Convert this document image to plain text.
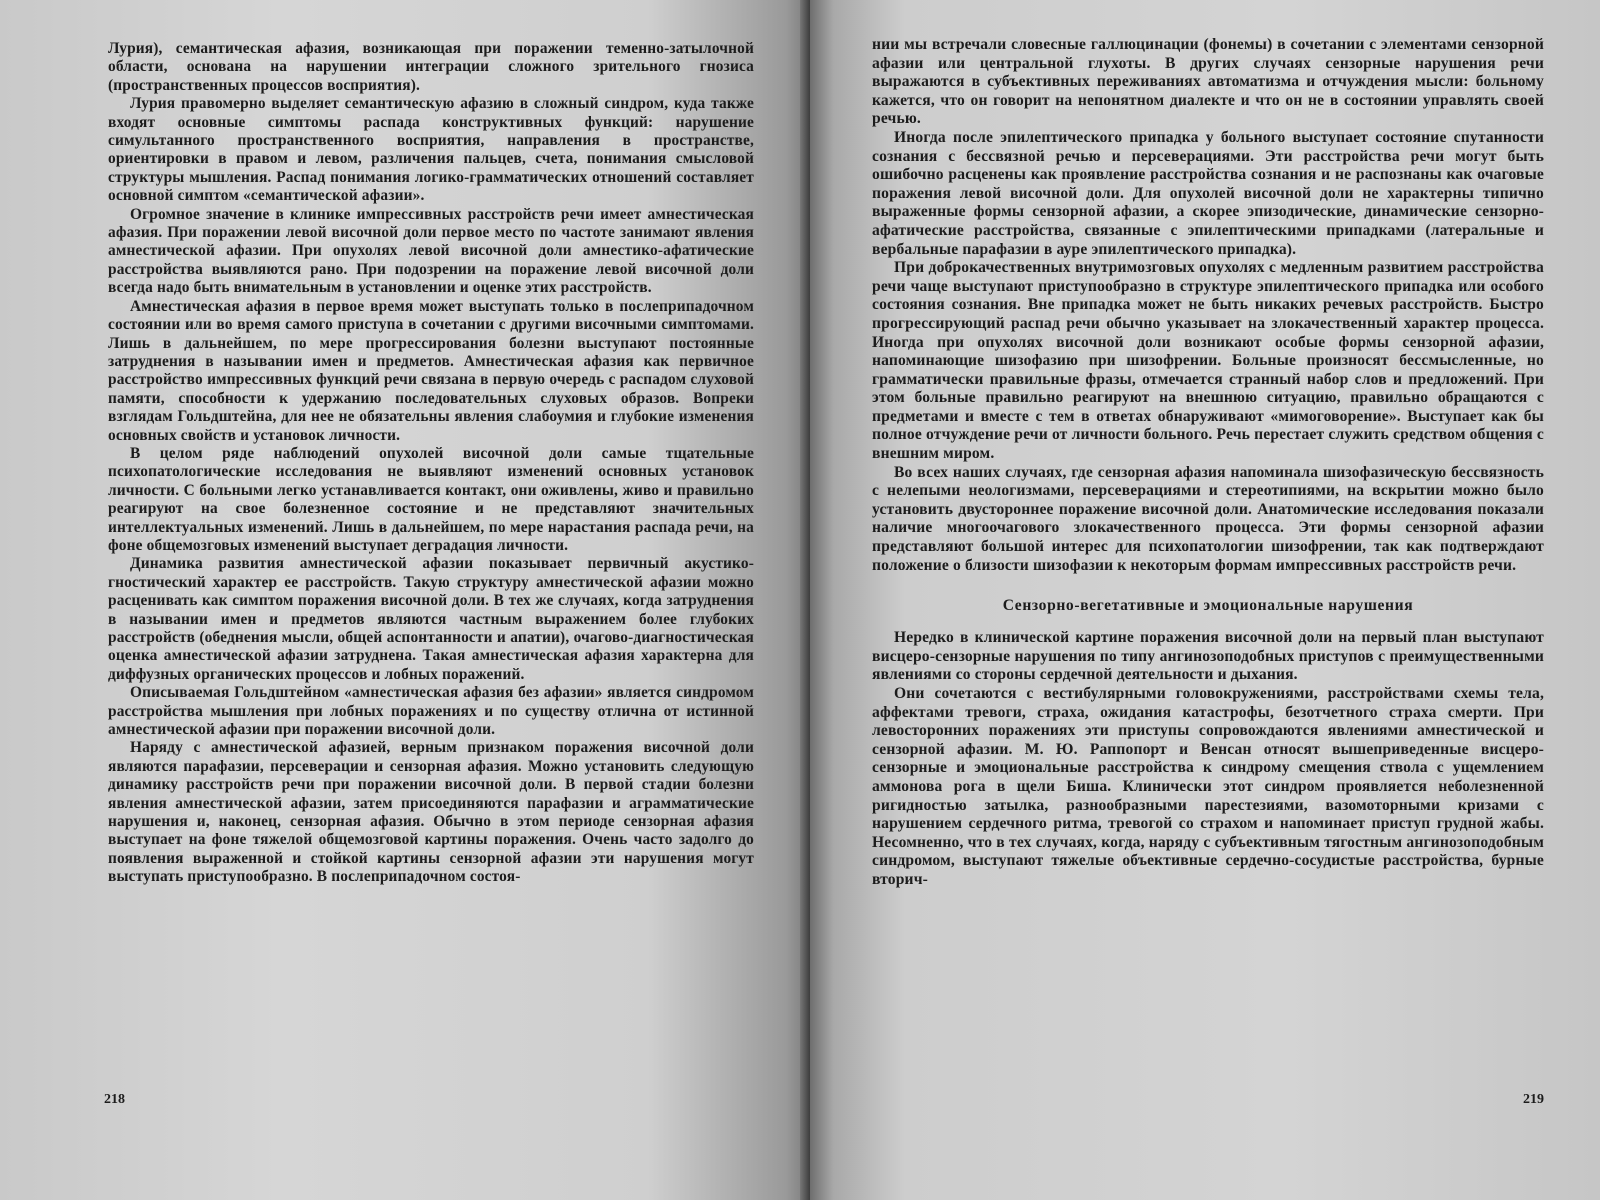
Лурия), семантическая афазия, возникающая при поражении теменно-затылочной области, основана на нарушении интеграции сложного зрительного гнозиса (пространственных процессов восприятия).

Лурия правомерно выделяет семантическую афазию в сложный синдром, куда также входят основные симптомы распада конструктивных функций: нарушение симультанного пространственного восприятия, направления в пространстве, ориентировки в правом и левом, различения пальцев, счета, понимания смысловой структуры мышления. Распад понимания логико-грамматических отношений составляет основной симптом «семантической афазии».

Огромное значение в клинике импрессивных расстройств речи имеет амнестическая афазия. При поражении левой височной доли первое место по частоте занимают явления амнестической афазии. При опухолях левой височной доли амнестико-афатические расстройства выявляются рано. При подозрении на поражение левой височной доли всегда надо быть внимательным в установлении и оценке этих расстройств.

Амнестическая афазия в первое время может выступать только в послеприпадочном состоянии или во время самого приступа в сочетании с другими височными симптомами. Лишь в дальнейшем, по мере прогрессирования болезни выступают постоянные затруднения в назывании имен и предметов. Амнестическая афазия как первичное расстройство импрессивных функций речи связана в первую очередь с распадом слуховой памяти, способности к удержанию последовательных слуховых образов. Вопреки взглядам Гольдштейна, для нее не обязательны явления слабоумия и глубокие изменения основных свойств и установок личности.

В целом ряде наблюдений опухолей височной доли самые тщательные психопатологические исследования не выявляют изменений основных установок личности. С больными легко устанавливается контакт, они оживлены, живо и правильно реагируют на свое болезненное состояние и не представляют значительных интеллектуальных изменений. Лишь в дальнейшем, по мере нарастания распада речи, на фоне общемозговых изменений выступает деградация личности.

Динамика развития амнестической афазии показывает первичный акустико-гностический характер ее расстройств. Такую структуру амнестической афазии можно расценивать как симптом поражения височной доли. В тех же случаях, когда затруднения в назывании имен и предметов являются частным выражением более глубоких расстройств (обеднения мысли, общей аспонтанности и апатии), очагово-диагностическая оценка амнестической афазии затруднена. Такая амнестическая афазия характерна для диффузных органических процессов и лобных поражений.

Описываемая Гольдштейном «амнестическая афазия без афазии» является синдромом расстройства мышления при лобных поражениях и по существу отлична от истинной амнестической афазии при поражении височной доли.

Наряду с амнестической афазией, верным признаком поражения височной доли являются парафазии, персеверации и сензорная афазия. Можно установить следующую динамику расстройств речи при поражении височной доли. В первой стадии болезни явления амнестической афазии, затем присоединяются парафазии и аграмматические нарушения и, наконец, сензорная афазия. Обычно в этом периоде сензорная афазия выступает на фоне тяжелой общемозговой картины поражения. Очень часто задолго до появления выраженной и стойкой картины сензорной афазии эти нарушения могут выступать приступообразно. В послеприпадочном состоя-

218

нии мы встречали словесные галлюцинации (фонемы) в сочетании с элементами сензорной афазии или центральной глухоты. В других случаях сензорные нарушения речи выражаются в субъективных переживаниях автоматизма и отчуждения мысли: больному кажется, что он говорит на непонятном диалекте и что он не в состоянии управлять своей речью.

Иногда после эпилептического припадка у больного выступает состояние спутанности сознания с бессвязной речью и персеверациями. Эти расстройства речи могут быть ошибочно расценены как проявление расстройства сознания и не распознаны как очаговые поражения левой височной доли. Для опухолей височной доли не характерны типично выраженные формы сензорной афазии, а скорее эпизодические, динамические сензорно-афатические расстройства, связанные с эпилептическими припадками (латеральные и вербальные парафазии в ауре эпилептического припадка).

При доброкачественных внутримозговых опухолях с медленным развитием расстройства речи чаще выступают приступообразно в структуре эпилептического припадка или особого состояния сознания. Вне припадка может не быть никаких речевых расстройств. Быстро прогрессирующий распад речи обычно указывает на злокачественный характер процесса. Иногда при опухолях височной доли возникают особые формы сензорной афазии, напоминающие шизофазию при шизофрении. Больные произносят бессмысленные, но грамматически правильные фразы, отмечается странный набор слов и предложений. При этом больные правильно реагируют на внешнюю ситуацию, правильно обращаются с предметами и вместе с тем в ответах обнаруживают «мимоговорение». Выступает как бы полное отчуждение речи от личности больного. Речь перестает служить средством общения с внешним миром.

Во всех наших случаях, где сензорная афазия напоминала шизофазическую бессвязность с нелепыми неологизмами, персеверациями и стереотипиями, на вскрытии можно было установить двустороннее поражение височной доли. Анатомические исследования показали наличие многоочагового злокачественного процесса. Эти формы сензорной афазии представляют большой интерес для психопатологии шизофрении, так как подтверждают положение о близости шизофазии к некоторым формам импрессивных расстройств речи.

Сензорно-вегетативные и эмоциональные нарушения

Нередко в клинической картине поражения височной доли на первый план выступают висцеро-сензорные нарушения по типу ангинозоподобных приступов с преимущественными явлениями со стороны сердечной деятельности и дыхания.

Они сочетаются с вестибулярными головокружениями, расстройствами схемы тела, аффектами тревоги, страха, ожидания катастрофы, безотчетного страха смерти. При левосторонних поражениях эти приступы сопровождаются явлениями амнестической и сензорной афазии. М. Ю. Раппопорт и Венсан относят вышеприведенные висцеро-сензорные и эмоциональные расстройства к синдрому смещения ствола с ущемлением аммонова рога в щели Биша. Клинически этот синдром проявляется неболезненной ригидностью затылка, разнообразными парестезиями, вазомоторными кризами с нарушением сердечного ритма, тревогой со страхом и напоминает приступ грудной жабы. Несомненно, что в тех случаях, когда, наряду с субъективным тягостным ангинозоподобным синдромом, выступают тяжелые объективные сердечно-сосудистые расстройства, бурные вторич-

219
